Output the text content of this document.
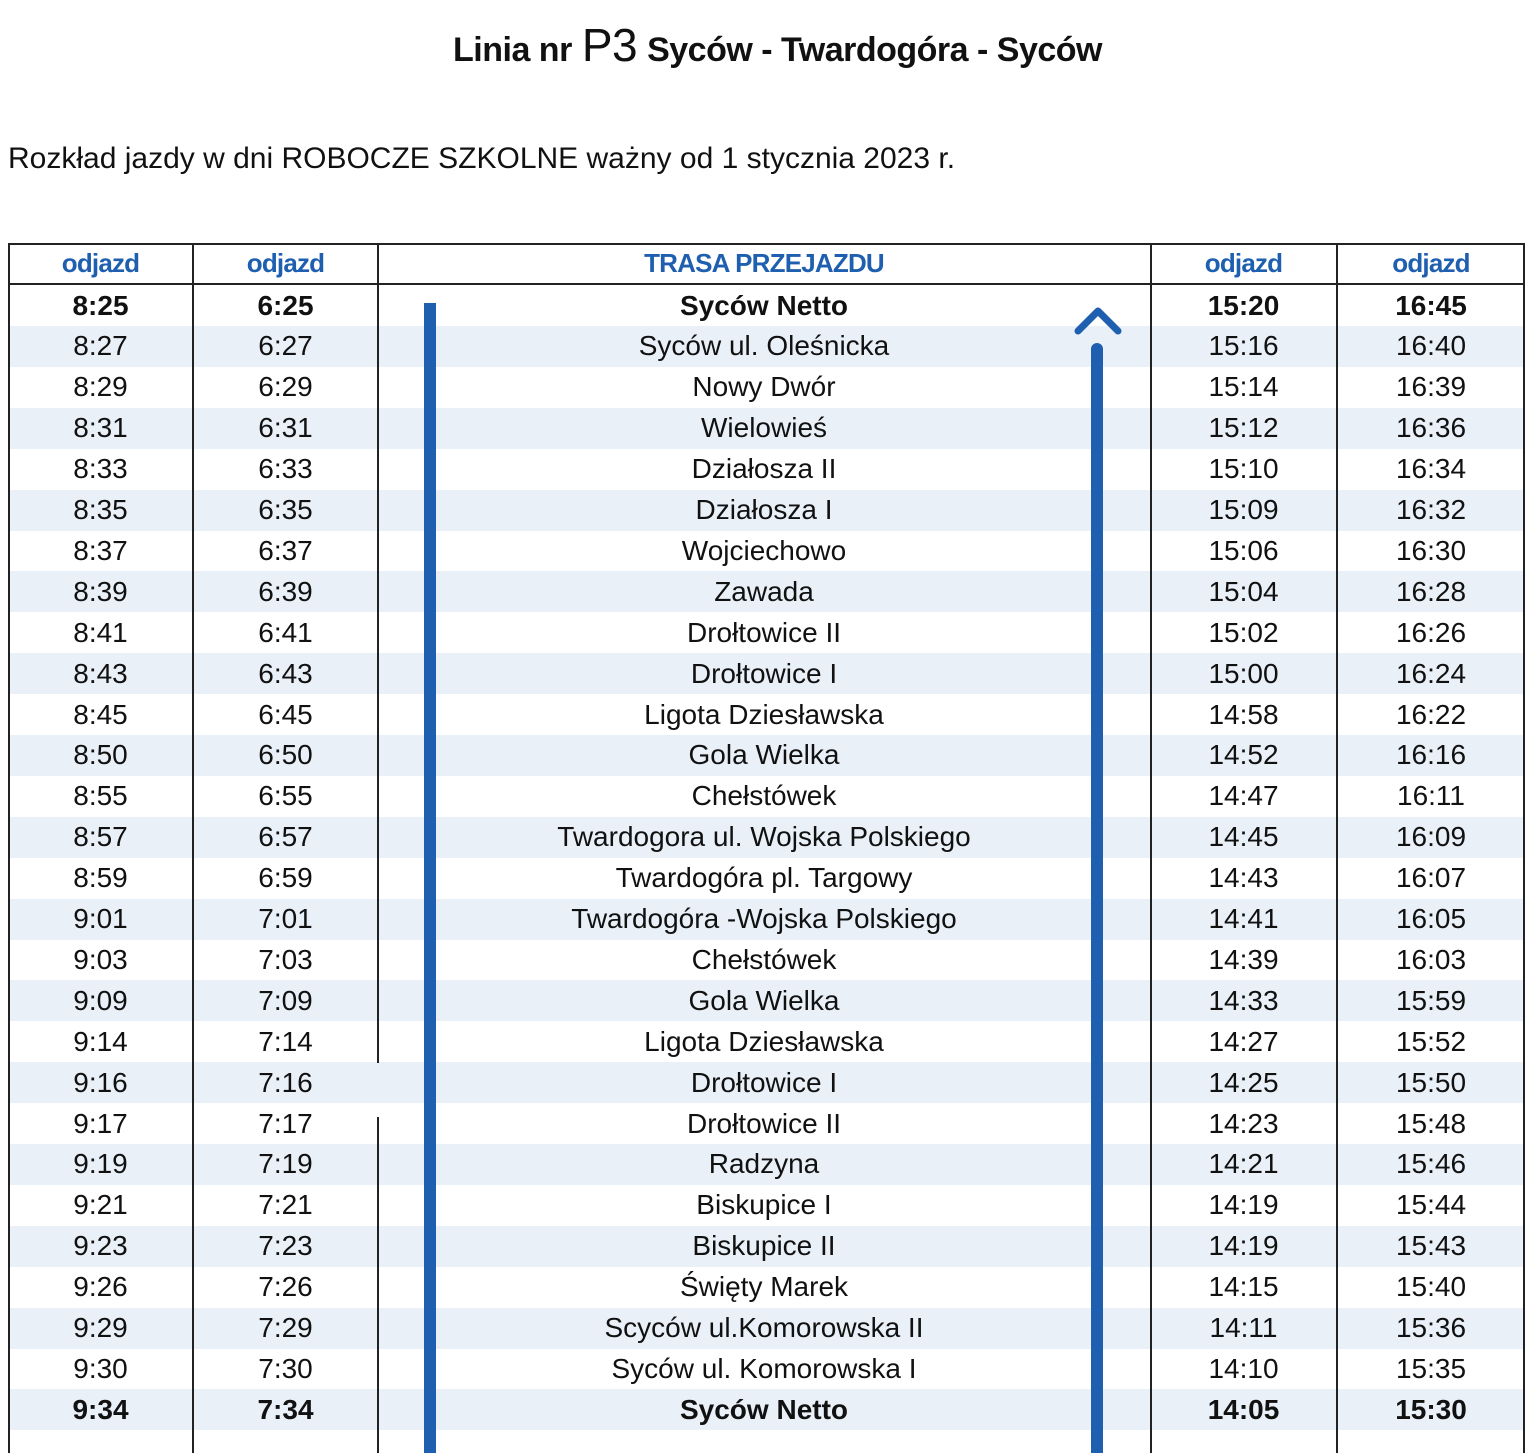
Linia nr P3 Syców - Twardogóra - Syców
Rozkład jazdy w dni ROBOCZE SZKOLNE ważny od 1 stycznia 2023 r.
odjazd	odjazd	TRASA PRZEJAZDU	odjazd	odjazd
8:25	6:25	Syców Netto	15:20	16:45
8:27	6:27	Syców ul. Oleśnicka	15:16	16:40
8:29	6:29	Nowy Dwór	15:14	16:39
8:31	6:31	Wielowieś	15:12	16:36
8:33	6:33	Działosza II	15:10	16:34
8:35	6:35	Działosza I	15:09	16:32
8:37	6:37	Wojciechowo	15:06	16:30
8:39	6:39	Zawada	15:04	16:28
8:41	6:41	Drołtowice II	15:02	16:26
8:43	6:43	Drołtowice I	15:00	16:24
8:45	6:45	Ligota Dziesławska	14:58	16:22
8:50	6:50	Gola Wielka	14:52	16:16
8:55	6:55	Chełstówek	14:47	16:11
8:57	6:57	Twardogora ul. Wojska Polskiego	14:45	16:09
8:59	6:59	Twardogóra pl. Targowy	14:43	16:07
9:01	7:01	Twardogóra -Wojska Polskiego	14:41	16:05
9:03	7:03	Chełstówek	14:39	16:03
9:09	7:09	Gola Wielka	14:33	15:59
9:14	7:14	Ligota Dziesławska	14:27	15:52
9:16	7:16	Drołtowice I	14:25	15:50
9:17	7:17	Drołtowice II	14:23	15:48
9:19	7:19	Radzyna	14:21	15:46
9:21	7:21	Biskupice I	14:19	15:44
9:23	7:23	Biskupice II	14:19	15:43
9:26	7:26	Święty Marek	14:15	15:40
9:29	7:29	Scyców ul.Komorowska II	14:11	15:36
9:30	7:30	Syców ul. Komorowska I	14:10	15:35
9:34	7:34	Syców Netto	14:05	15:30
